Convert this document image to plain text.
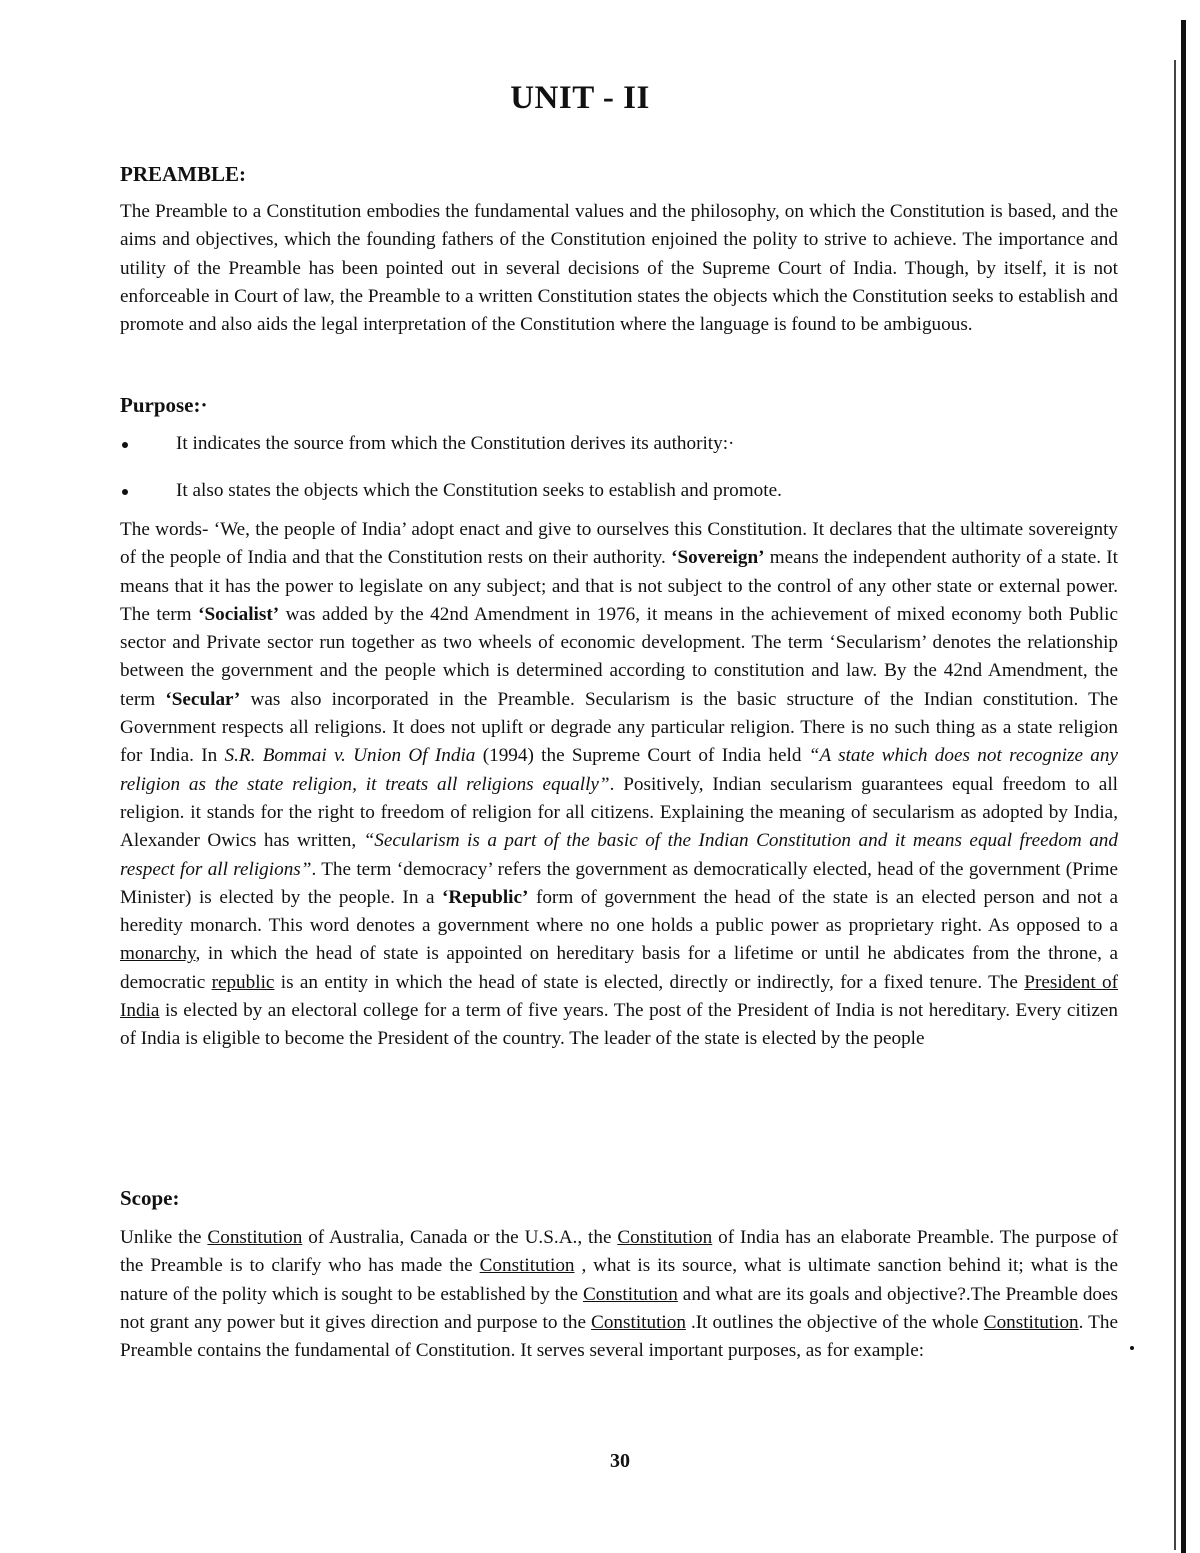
UNIT - II
PREAMBLE:

The Preamble to a Constitution embodies the fundamental values and the philosophy, on which the Constitution is based, and the aims and objectives, which the founding fathers of the Constitution enjoined the polity to strive to achieve. The importance and utility of the Preamble has been pointed out in several decisions of the Supreme Court of India. Though, by itself, it is not enforceable in Court of law, the Preamble to a written Constitution states the objects which the Constitution seeks to establish and promote and also aids the legal interpretation of the Constitution where the language is found to be ambiguous.

Purpose:·
It indicates the source from which the Constitution derives its authority:·
It also states the objects which the Constitution seeks to establish and promote.

The words- ‘We, the people of India’ adopt enact and give to ourselves this Constitution. It declares that the ultimate sovereignty of the people of India and that the Constitution rests on their authority. ‘Sovereign’ means the independent authority of a state. It means that it has the power to legislate on any subject; and that is not subject to the control of any other state or external power. The term ‘Socialist’ was added by the 42nd Amendment in 1976, it means in the achievement of mixed economy both Public sector and Private sector run together as two wheels of economic development. The term ‘Secularism’ denotes the relationship between the government and the people which is determined according to constitution and law. By the 42nd Amendment, the term ‘Secular’ was also incorporated in the Preamble. Secularism is the basic structure of the Indian constitution. The Government respects all religions. It does not uplift or degrade any particular religion. There is no such thing as a state religion for India. In S.R. Bommai v. Union Of India (1994) the Supreme Court of India held “A state which does not recognize any religion as the state religion, it treats all religions equally”. Positively, Indian secularism guarantees equal freedom to all religion. it stands for the right to freedom of religion for all citizens. Explaining the meaning of secularism as adopted by India, Alexander Owics has written, “Secularism is a part of the basic of the Indian Constitution and it means equal freedom and respect for all religions”. The term ‘democracy’ refers the government as democratically elected, head of the government (Prime Minister) is elected by the people. In a ‘Republic’ form of government the head of the state is an elected person and not a heredity monarch. This word denotes a government where no one holds a public power as proprietary right. As opposed to a monarchy, in which the head of state is appointed on hereditary basis for a lifetime or until he abdicates from the throne, a democratic republic is an entity in which the head of state is elected, directly or indirectly, for a fixed tenure. The President of India is elected by an electoral college for a term of five years. The post of the President of India is not hereditary. Every citizen of India is eligible to become the President of the country. The leader of the state is elected by the people

Scope:

Unlike the Constitution of Australia, Canada or the U.S.A., the Constitution of India has an elaborate Preamble. The purpose of the Preamble is to clarify who has made the Constitution , what is its source, what is ultimate sanction behind it; what is the nature of the polity which is sought to be established by the Constitution and what are its goals and objective?.The Preamble does not grant any power but it gives direction and purpose to the Constitution .It outlines the objective of the whole Constitution. The Preamble contains the fundamental of Constitution. It serves several important purposes, as for example:

30
